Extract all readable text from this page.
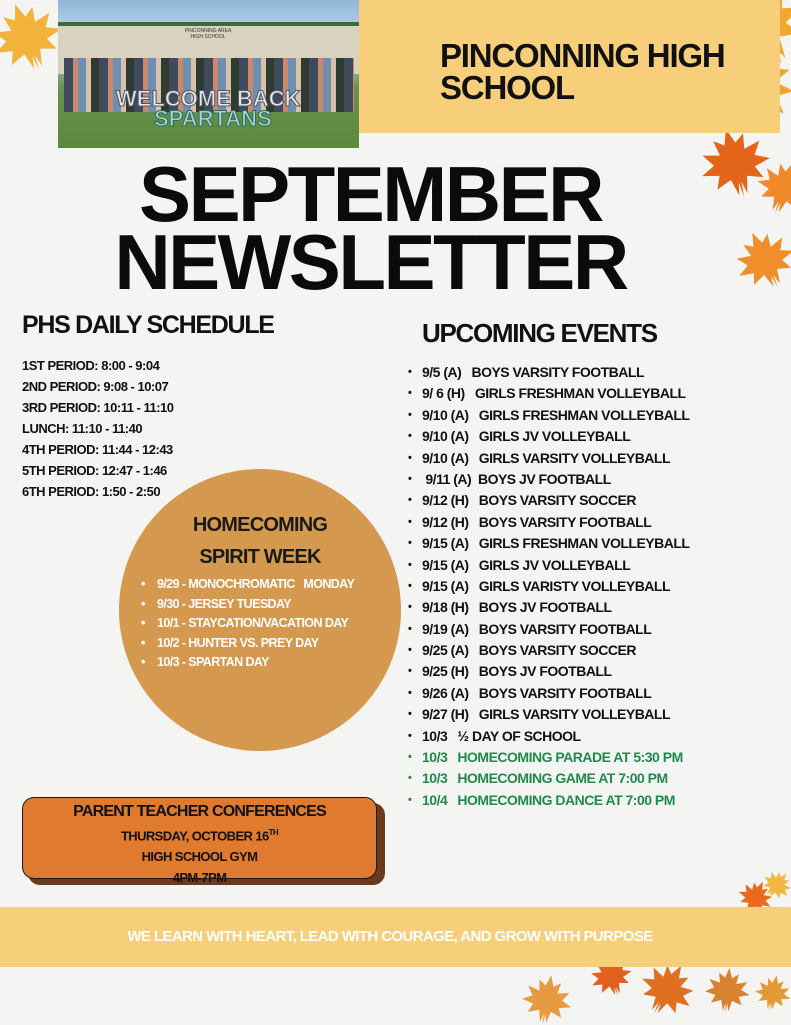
PINCONNING HIGH SCHOOL
PINCONNING AREA HIGH SCHOOL
WELCOME BACK
SPARTANS
SEPTEMBER
NEWSLETTER
PHS DAILY SCHEDULE
1ST PERIOD: 8:00 - 9:04
2ND PERIOD: 9:08 - 10:07
3RD PERIOD: 10:11 - 11:10
LUNCH: 11:10 - 11:40
4TH PERIOD: 11:44 - 12:43
5TH PERIOD: 12:47 - 1:46
6TH PERIOD: 1:50 - 2:50
HOMECOMING
SPIRIT WEEK
• 9/29 - MONOCHROMATIC   MONDAY
• 9/30 - JERSEY TUESDAY
• 10/1 - STAYCATION/VACATION DAY
• 10/2 - HUNTER VS. PREY DAY
• 10/3 - SPARTAN DAY
UPCOMING EVENTS
• 9/5 (A)   BOYS VARSITY FOOTBALL
• 9/ 6 (H)   GIRLS FRESHMAN VOLLEYBALL
• 9/10 (A)   GIRLS FRESHMAN VOLLEYBALL
• 9/10 (A)   GIRLS JV VOLLEYBALL
• 9/10 (A)   GIRLS VARSITY VOLLEYBALL
•  9/11 (A)  BOYS JV FOOTBALL
• 9/12 (H)   BOYS VARSITY SOCCER
• 9/12 (H)   BOYS VARSITY FOOTBALL
• 9/15 (A)   GIRLS FRESHMAN VOLLEYBALL
• 9/15 (A)   GIRLS JV VOLLEYBALL
• 9/15 (A)   GIRLS VARISTY VOLLEYBALL
• 9/18 (H)   BOYS JV FOOTBALL
• 9/19 (A)   BOYS VARSITY FOOTBALL
• 9/25 (A)   BOYS VARSITY SOCCER
• 9/25 (H)   BOYS JV FOOTBALL
• 9/26 (A)   BOYS VARSITY FOOTBALL
• 9/27 (H)   GIRLS VARSITY VOLLEYBALL
• 10/3   ½ DAY OF SCHOOL
• 10/3   HOMECOMING PARADE AT 5:30 PM
• 10/3   HOMECOMING GAME AT 7:00 PM
• 10/4   HOMECOMING DANCE AT 7:00 PM
PARENT TEACHER CONFERENCES
THURSDAY, OCTOBER 16TH
HIGH SCHOOL GYM
4PM-7PM
WE LEARN WITH HEART, LEAD WITH COURAGE, AND GROW WITH PURPOSE
